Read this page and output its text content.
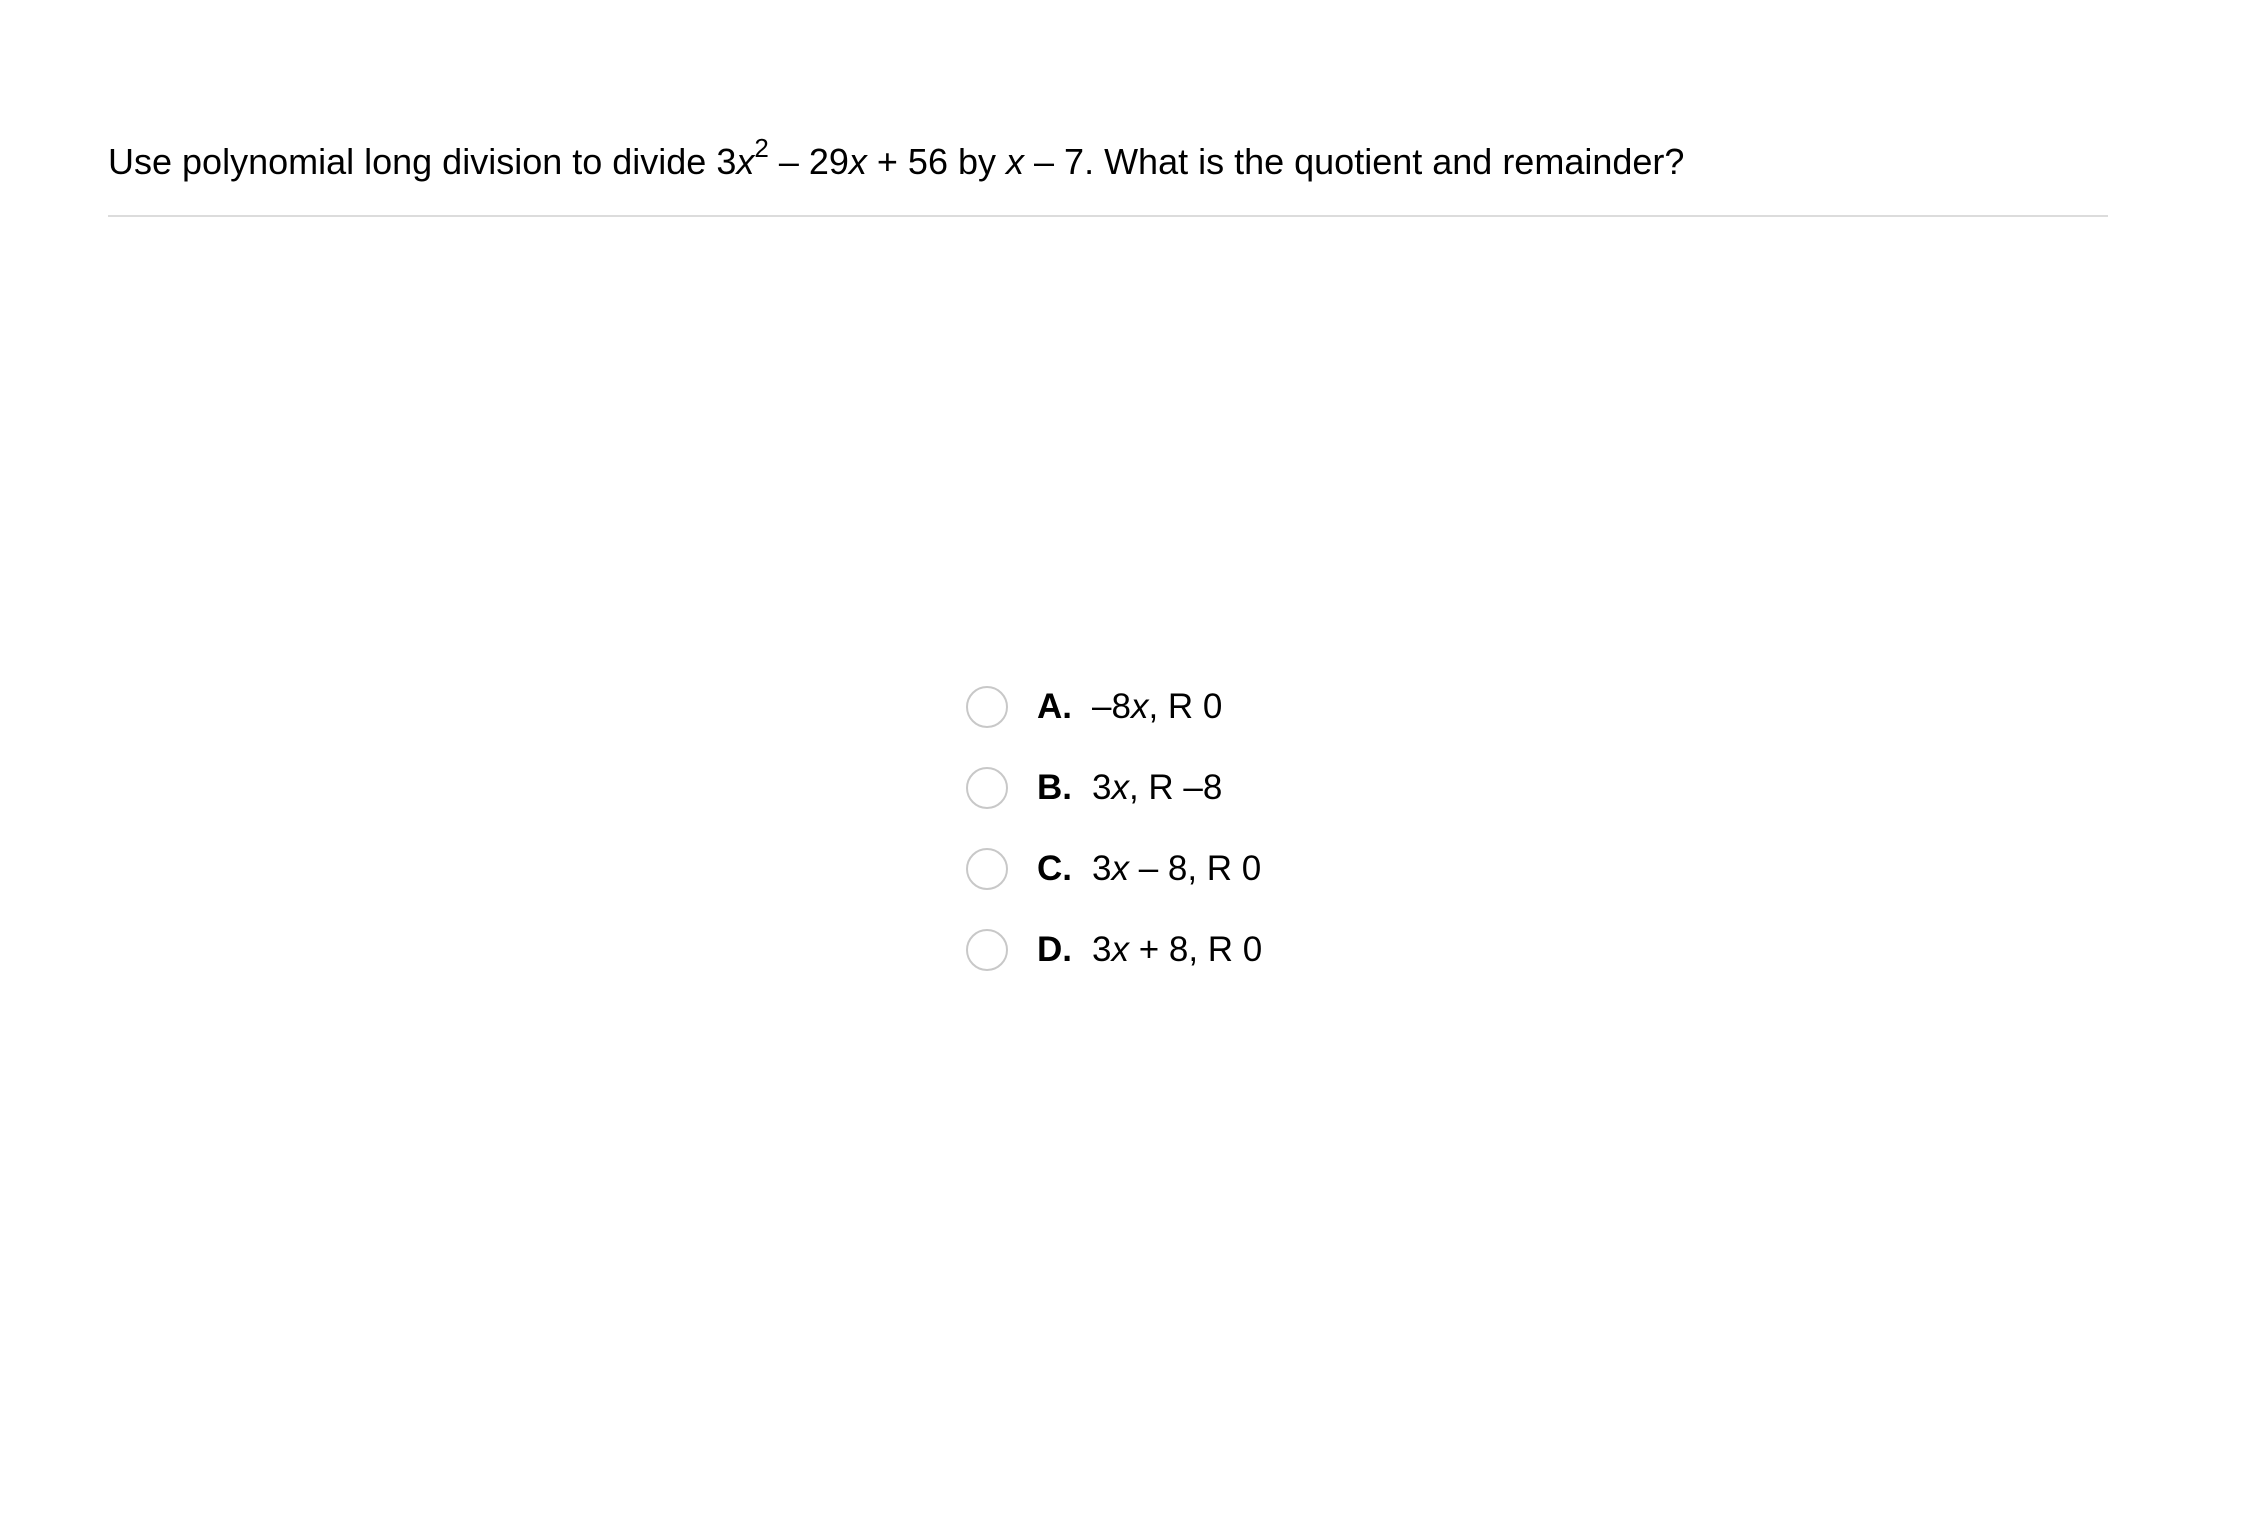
Use polynomial long division to divide $3x^2 - 29x + 56$ by x – 7. What is the quotient and remainder?
A. –8x, R 0
B. 3x, R –8
C. 3x – 8, R 0
D. 3x + 8, R 0
